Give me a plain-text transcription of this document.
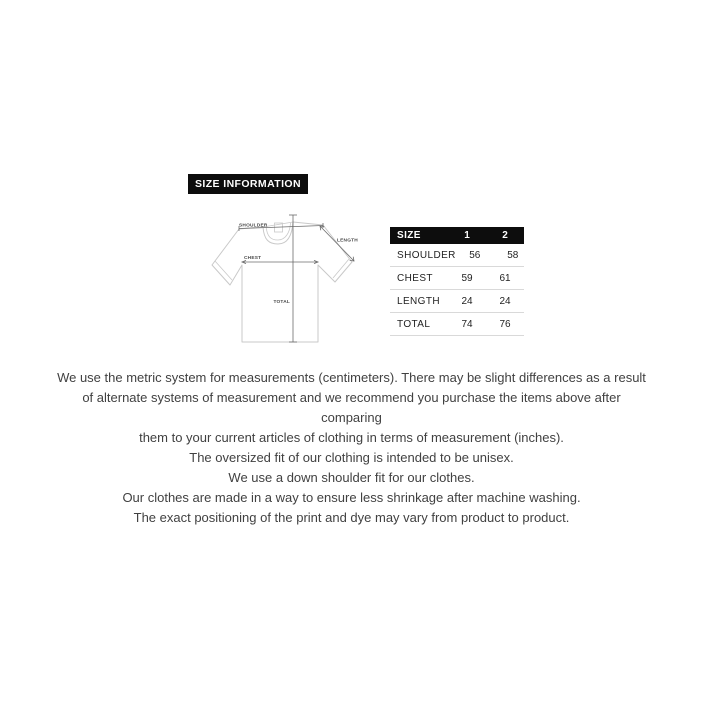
SIZE INFORMATION
SHOULDER
LENGTH
CHEST
TOTAL
SIZE	1	2
SHOULDER	56	58
CHEST	59	61
LENGTH	24	24
TOTAL	74	76
We use the metric system for measurements (centimeters). There may be slight differences as a result
of alternate systems of measurement and we recommend you purchase the items above after
comparing
them to your current articles of clothing in terms of measurement (inches).
The oversized fit of our clothing is intended to be unisex.
We use a down shoulder fit for our clothes.
Our clothes are made in a way to ensure less shrinkage after machine washing.
The exact positioning of the print and dye may vary from product to product.
